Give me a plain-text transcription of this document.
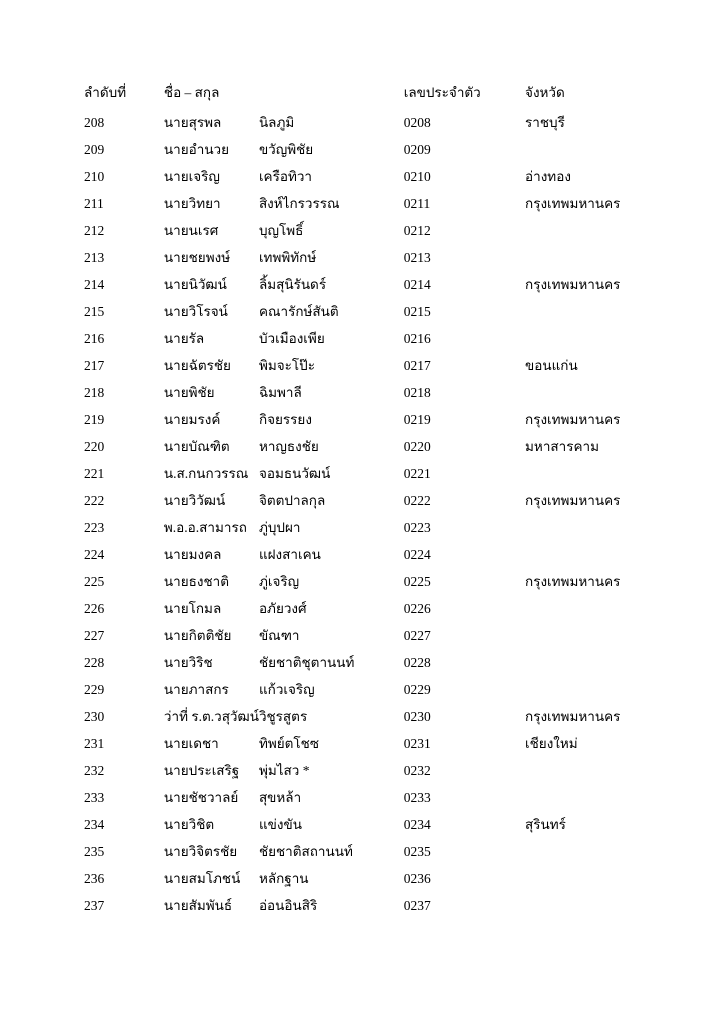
ลำดับที่	ชื่อ – สกุล		เลขประจำตัว	จังหวัด
208	นายสุรพล	นิลภูมิ	0208	ราชบุรี
209	นายอำนวย	ขวัญพิชัย	0209	
210	นายเจริญ	เครือทิวา	0210	อ่างทอง
211	นายวิทยา	สิงห์ไกรวรรณ	0211	กรุงเทพมหานคร
212	นายนเรศ	บุญโพธิ์	0212	
213	นายชยพงษ์	เทพพิทักษ์	0213	
214	นายนิวัฒน์	ลิ้มสุนิรันดร์	0214	กรุงเทพมหานคร
215	นายวิโรจน์	คณารักษ์สันติ	0215	
216	นายรัล	บัวเมืองเพีย	0216	
217	นายฉัตรชัย	พิมจะโป๊ะ	0217	ขอนแก่น
218	นายพิชัย	ฉิมพาลี	0218	
219	นายมรงค์	กิจยรรยง	0219	กรุงเทพมหานคร
220	นายบัณฑิต	หาญธงชัย	0220	มหาสารคาม
221	น.ส.กนกวรรณ	จอมธนวัฒน์	0221	
222	นายวิวัฒน์	จิตตปาลกุล	0222	กรุงเทพมหานคร
223	พ.อ.อ.สามารถ	ภู่บุปผา	0223	
224	นายมงคล	แฝงสาเคน	0224	
225	นายธงชาติ	ภู่เจริญ	0225	กรุงเทพมหานคร
226	นายโกมล	อภัยวงศ์	0226	
227	นายกิตติชัย	ขัณฑา	0227	
228	นายวิริช	ชัยชาติชุตานนท์	0228	
229	นายภาสกร	แก้วเจริญ	0229	
230	ว่าที่ ร.ต.วสุวัฒน์	วิชูรสูตร	0230	กรุงเทพมหานคร
231	นายเดชา	ทิพย์ตโชซ	0231	เชียงใหม่
232	นายประเสริฐ	พุ่มไสว *	0232	
233	นายชัชวาลย์	สุขหล้า	0233	
234	นายวิชิต	แข่งขัน	0234	สุรินทร์
235	นายวิจิตรชัย	ชัยชาติสถานนท์	0235	
236	นายสมโภชน์	หลักฐาน	0236	
237	นายสัมพันธ์	อ่อนอินสิริ	0237	
